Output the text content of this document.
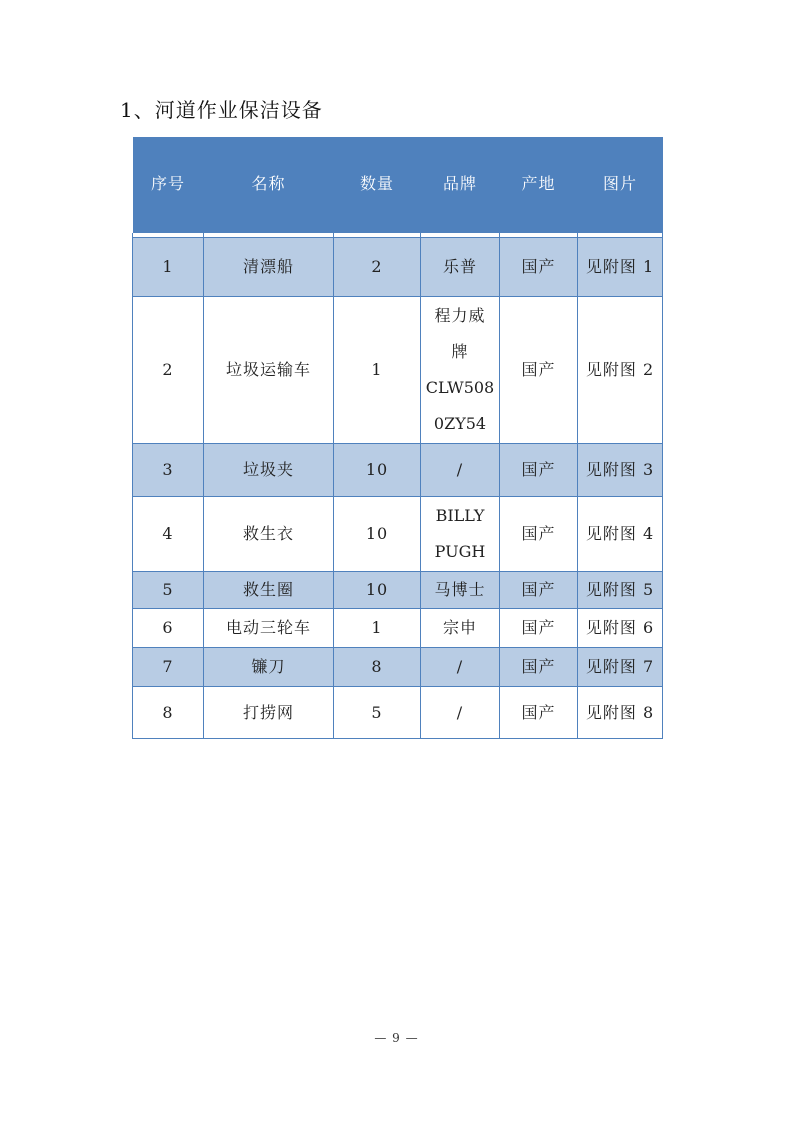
1、河道作业保洁设备
序号	名称	数量	品牌	产地	图片

1	清漂船	2	乐普	国产	见附图 1
2	垃圾运输车	1	程力威
牌
CLW508
0ZY54	国产	见附图 2
3	垃圾夹	10	/	国产	见附图 3
4	救生衣	10	BILLY
PUGH	国产	见附图 4
5	救生圈	10	马博士	国产	见附图 5
6	电动三轮车	1	宗申	国产	见附图 6
7	镰刀	8	/	国产	见附图 7
8	打捞网	5	/	国产	见附图 8
— 9 —
